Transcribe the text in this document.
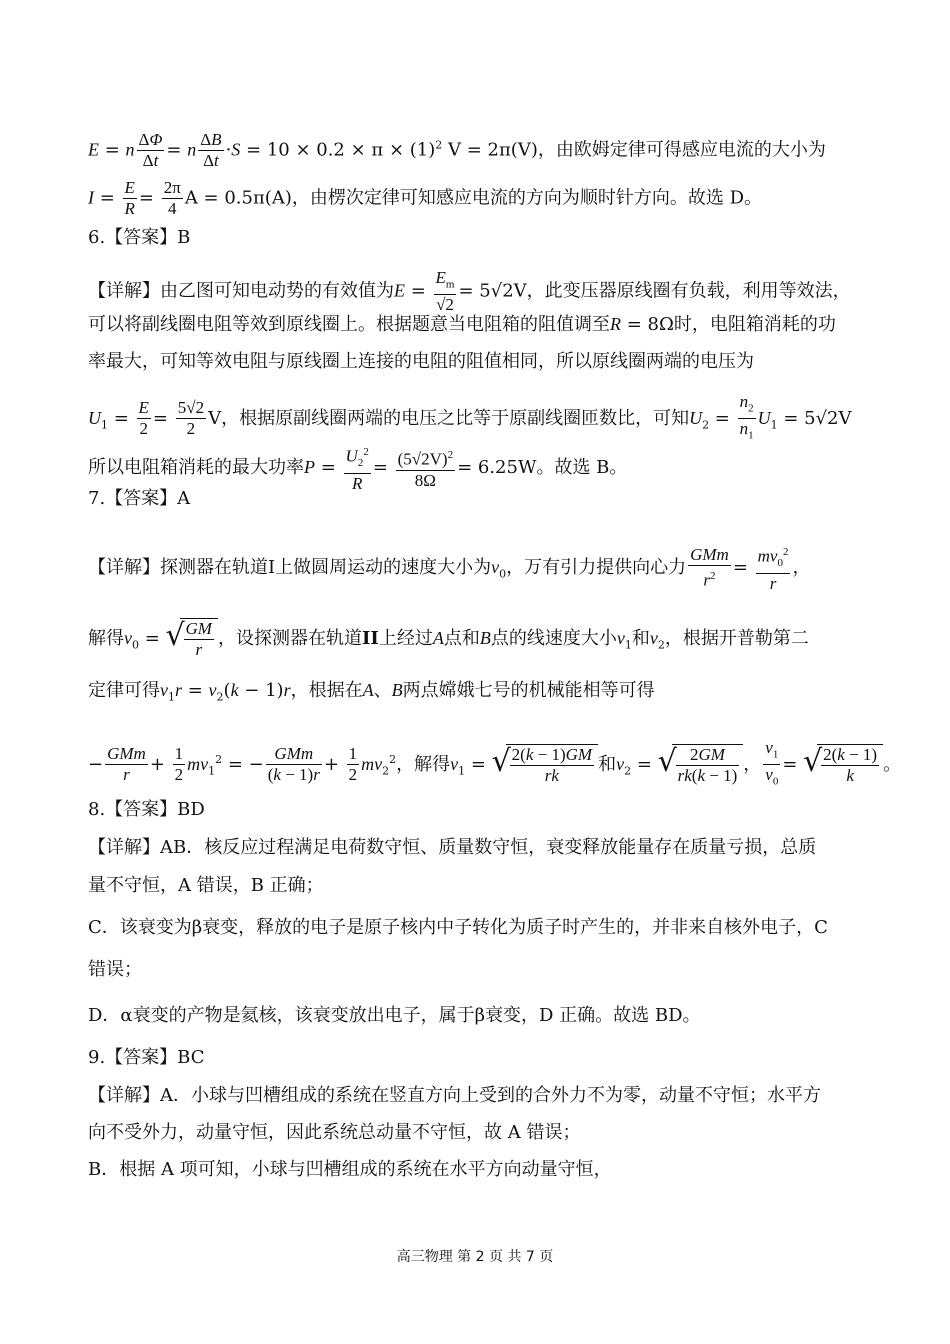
E = n $\frac{\Delta\Phi}{\Delta t} = n \frac{\Delta B}{\Delta t} \cdot S = 10 \times 0.2 \times \pi \times (1)^2$ V = 2π(V)，由欧姆定律可得感应电流的大小为
$I = \frac{E}{R} = \frac{2\pi}{4}$ A = 0.5π(A)，由楞次定律可知感应电流的方向为顺时针方向。故选 D。
6.【答案】B
【详解】由乙图可知电动势的有效值为$E = \frac{E_m}{√2} = 5√2V$，此变压器原线圈有负载，利用等效法，
可以将副线圈电阻等效到原线圈上。根据题意当电阻箱的阻值调至R = 8Ω时，电阻箱消耗的功
率最大，可知等效电阻与原线圈上连接的电阻的阻值相同，所以原线圈两端的电压为
$U_1 = \frac{E}{2} = \frac{5√2}{2}$ V，根据原副线圈两端的电压之比等于原副线圈匝数比，可知$U_2 = \frac{n_2}{n_1} U_1 = 5√2V$
所以电阻箱消耗的最大功率$P = \frac{U_2^2}{R} = \frac{(5√2V)^2}{8\Omega} = 6.25W$。故选 B。
7.【答案】A
【详解】探测器在轨道Ⅰ上做圆周运动的速度大小为$v_0$，万有引力提供向心力 $\frac{\text{GMm}}{r^2} = \frac{mv_0^2}{r}$ ，
解得$v_0$ = √ $\frac{GM}{r}$ ，设探测器在轨道II上经过A点和B点的线速度大小$v_1$和$v_2$，根据开普勒第二
定律可得$v_1r = v_2(k - 1)r$，根据在A、B两点嫦娥七号的机械能相等可得
− $\frac{\text{GMm}}{r} + \frac{1}{2} mv_1^2$ = − $\frac{\text{GMm}}{(k - 1)r} + \frac{1}{2} mv_2^2$，解得$v_1$ = √ $\frac{2(k - 1)GM}{rk}$ 和$v_2$ = √ $\frac{2GM}{rk(k - 1)}$ ， $\frac{v_1}{v_0}$ = √ $\frac{2(k - 1)}{k}$ 。
8.【答案】BD
【详解】AB．核反应过程满足电荷数守恒、质量数守恒，衰变释放能量存在质量亏损，总质
量不守恒，A 错误，B 正确；
C．该衰变为β衰变，释放的电子是原子核内中子转化为质子时产生的，并非来自核外电子，C
错误；
D．α衰变的产物是氦核，该衰变放出电子，属于β衰变，D 正确。故选 BD。
9.【答案】BC
【详解】A．小球与凹槽组成的系统在竖直方向上受到的合外力不为零，动量不守恒；水平方
向不受外力，动量守恒，因此系统总动量不守恒，故 A 错误；
B．根据 A 项可知，小球与凹槽组成的系统在水平方向动量守恒，
高三物理 第 2 页 共 7 页
